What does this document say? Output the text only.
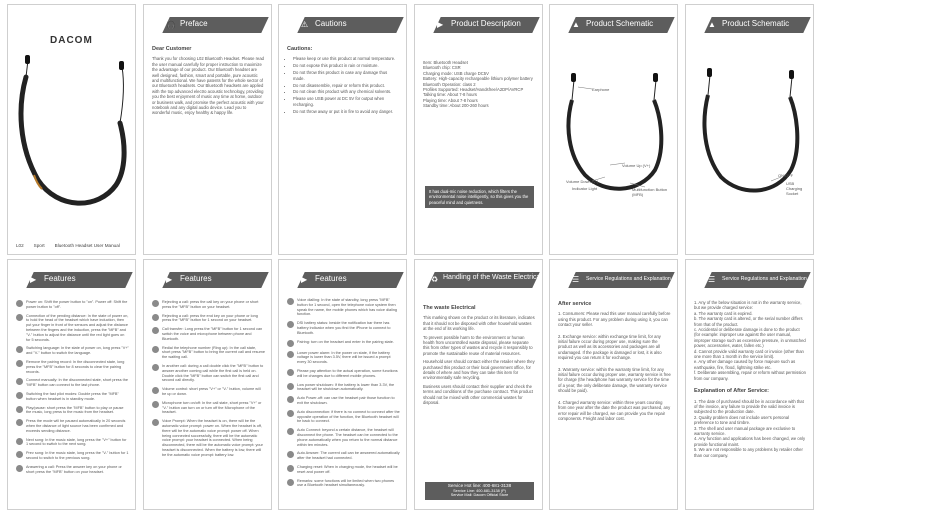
DACOM
L02 Sport Bluetooth Headset User Manual
🎧 Preface
Dear Customer

Thank you for choosing L02 Bluetooth Headset. Please read the user manual carefully for proper instruction to maximize the advantage of our product. Our Bluetooth headset are well designed, fashion, smart and portable, pure acoustic and multifunctional. We have patents for the whole sector of our Bluetooth headsets. Our Bluetooth headsets are applied with the top advanced electro acoustic technology, providing you the best enjoyment of music any time at home, outdoor or business walk, and promise the perfect acoustic with your notebook and any digital audio device. Lead you to wonderful music, enjoy healthy & happy life.

⚠ Cautions
Cautions:
• Please keep or use this product at normal temperature.
• Do not expose this product in rain or moisture.
• Do not throw this product in case any damage thus made.
• Do not disassemble, repair or reform this product.
• Do not clean this product with any chemical solvents.
• Please use USB power at DC 5V for output when recharging.
• Do not throw away or put it in fire to avoid any danger.
▶ Product Description

Item: Bluetooth Headset

Bluetooth chip: CSR

Charging mode: USB charge DC5V

Battery: High-capacity rechargeable lithium polymer battery

Bluetooth Operation: class 2

Profiles Supported: Headset/Handsfree/A2DP/AVRCP

Talking time: About 7-8 hours

Playing time: About 7-8 hours

Standby time: About 200-260 hours

It has dual-mic noise reduction, which filters the environmental noise intelligently, so this gives you the peaceful mind and quietness.
▲ Product Schematic
Earphone
Volume Up (V+)
Volume Down (V-)
Indicator Light	Multifunction Button (MFB)
▲ Product Schematic
ON/OFF
USB Charging Socket
▶ Features
Power on: Shift the power button to "on". Power off: Shift the power button to "off".
Connection of the pending distance: In the state of power on, to hold the head of the headset which have induction, then put your finger in front of the sensors and adjust the distance between the fingers and the induction, press the "MFB" and "V-" button to adjust the distance until the red light goes on for 5 seconds.
Switching language: In the state of power on, long press "V+" and "V-" button to switch the language.
Remove the pairing record: In the disconnected state, long press the "MFB" button for 8 seconds to clear the pairing records.
Connect manually: In the disconnected state, short press the "MFB" button can connect to the last phone.
Switching the fast pilot modes: Double press the "MFB" button when headset is in standby mode.
Play/pause: short press the "MFB" button to play or pause the music, long press to the music from the headset.
Press the mode will be paused automatically in 20 seconds when the distance of light source has been confirmed and exceeds sending distance.
Next song: In the music state, long press the "V+" button for 1 second to switch to the next song.
Prev song: In the music state, long press the "V-" button for 1 second to switch to the previous song.
Answering a call: Press the answer key on your phone or short press the "MFB" button on your headset.
▶ Features
Rejecting a call: press the call key on your phone or short press the "MFB" button on your headset.
Rejecting a call: press the end key on your phone or long press the "MFB" button for 1 second on your headset.
Call transfer: Long press the "MFB" button for 1 second can switch the voice and microphone between phone and Bluetooth.
Redial the telephone number (Ring up): In the call state, short press "MFB" button to bring the current call and resume the waiting call.
In another call: during a call double click the "MFB" button to answer another coming call while the first call is held on. Double click the "MFB" button can switch the first call and second call directly.
Volume control: short press "V+" or "V-" button, volume will be up or down.
Microphone turn on/off: In the call state, short press "V+" or "V-" button can turn on or turn off the Microphone of the headset.
Voice Prompt: When the headset is on, there will be the automatic voice prompt: power on. When the headset is off, there will be the automatic voice prompt: power off. When being connected successfully, there will be the automatic voice prompt: your headset is connected. When being disconnected, there will be the automatic voice prompt: your headset is disconnected. When the battery is low, there will be the automatic voice prompt: battery low.
▶ Features
Voice dialling: In the state of standby, long press "MFB" button for 1 second, open the telephone voice system then speak the name, the mobile phones which has voice dialing function.
DSI battery status: beside the notification bar there has battery indicator when you first the iPhone to connect to Bluetooth.
Pairing: turn on the headset and enter in the pairing state.
Lower power alarm: In the power on state, if the battery voltage is lower than 3.5V, there will be issued a prompt every 30 seconds.
Please pay attention to the actual operation, some functions will be changes due to different mobile phones.
Low power shutdown: If the battery is lower than 3.3V, the headset will be shutdown automatically.
Auto Power-off: can use the headset pair those function to exit the shutdown.
Auto disconnection: if there is no connect to connect after the opposite operation of the function, the Bluetooth headset will be back to connect.
Auto Connect: beyond a certain distance, the headset will disconnect the phone. The headset can be connected to the phone automatically when you return to the normal distance within ten minutes.
Auto Answer: The current call can be answered automatically after the headset had connected.
Charging reset: When in charging mode, the headset will be reset and power off.
Remarks: some functions will be limited when two phones use a Bluetooth headset simultaneously.
♻ Handling of the Waste Electrical
The waste Electrical

This marking shown on the product or its literature, indicates that it should not be disposed with other household wastes at the end of its working life.

To prevent possible harm to the environment or human health from uncontrolled waste disposal, please separate this from other types of wastes and recycle it responsibly to promote the sustainable reuse of material resources.

Household user should contact either the retailer where they purchased this product or their local government office, for details of where and how they can take this item for environmentally safe recycling.

Business users should contact their supplier and check the terms and conditions of the purchase contract. This product should not be mixed with other commercial wastes for disposal.

Service Hot line: 400-681-3138
Service Line: 400-681-3138 (P)
Service Mall: Dacom Official Store
☰ Service Regulations and Explanation
After service

1. Consumers: Please read this user manual carefully before using this product. For any problem during using it, you can contact your seller.

2. Exchange service: within exchange time limit, for any initial failure occur during proper use, making sure the product as well as its accessories and packages are all undamaged. If the package is damaged or lost, it is also required you can return it for exchange.

3. Warranty service: within the warranty time limit, for any initial failure occur during proper use, warranty service is free for charge (the headphone has warranty service for the time of a year; the only deliberate damage, the warranty service should be paid).

4. Charged warranty service: within three years counting from one year after the date the product was purchased, any error repair will be charged, we can provide you the repair components. Freight and labor cost.

☰ Service Regulations and Explanation

1. Any of the below situation is not in the warranty service, but we provide charged service:

a. The warranty card is expired.

b. The warranty card is altered, or the serial number differs from that of the product.

c. Accidental or deliberate damage is done to the product (for example: improper use against the user manual, improper storage such as excessive pressure, in unmatched power, accessories, water, fallen etc.)

d. Cannot provide valid warranty card or invoice (other than one more than 1 month in the service limit).

e. Any other damage caused by force majeure such as earthquake, fire, flood, lightning strike etc.

f. Deliberate assembling, repair or reform without permission from our company.

Explanation of After Service:

1. The date of purchased should be in accordance with that of the invoice, any failure to provide the valid invoice is subjected to the production date.

2. Quality problem does not include user's personal preference to tone and timbre.

3. The shell and user manual package are exclusive to warranty service.

4. Any function and applications has been changed, we only provide functional maint.

5. We are not responsible to any problems by retailer other than our company.
